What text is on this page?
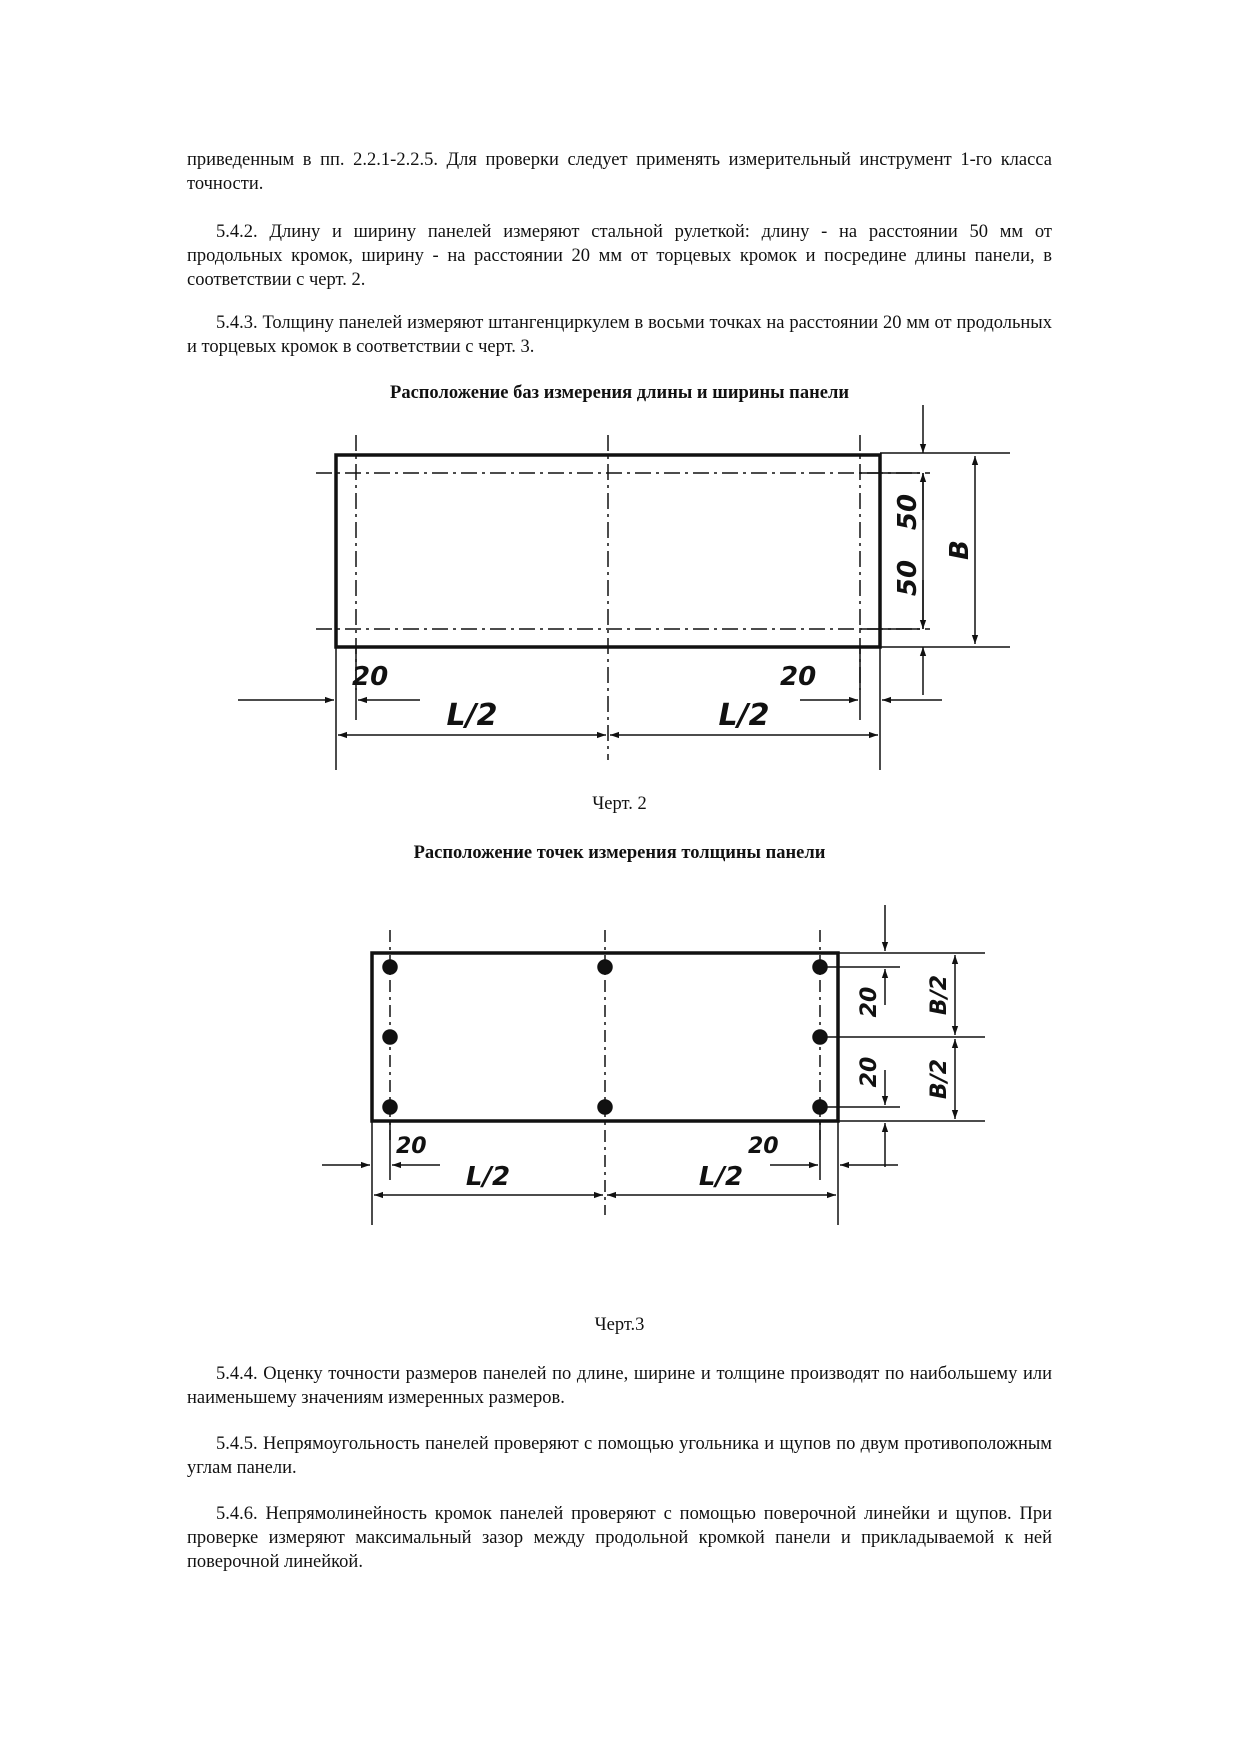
приведенным в пп. 2.2.1-2.2.5. Для проверки следует применять измерительный инструмент 1-го класса точности.

5.4.2. Длину и ширину панелей измеряют стальной рулеткой: длину - на расстоянии 50 мм от продольных кромок, ширину - на расстоянии 20 мм от торцевых кромок и посредине длины панели, в соответствии с черт. 2.

5.4.3. Толщину панелей измеряют штангенциркулем в восьми точках на расстоянии 20 мм от продольных и торцевых кромок в соответствии с черт. 3.

Расположение баз измерения длины и ширины панели

50
50
B
20	20
L/2	L/2

Черт. 2

Расположение точек измерения толщины панели

20
20
B/2
B/2
20	20
L/2	L/2

Черт.3

5.4.4. Оценку точности размеров панелей по длине, ширине и толщине производят по наибольшему или наименьшему значениям измеренных размеров.

5.4.5. Непрямоугольность панелей проверяют с помощью угольника и щупов по двум противоположным углам панели.

5.4.6. Непрямолинейность кромок панелей проверяют с помощью поверочной линейки и щупов. При проверке измеряют максимальный зазор между продольной кромкой панели и прикладываемой к ней поверочной линейкой.
